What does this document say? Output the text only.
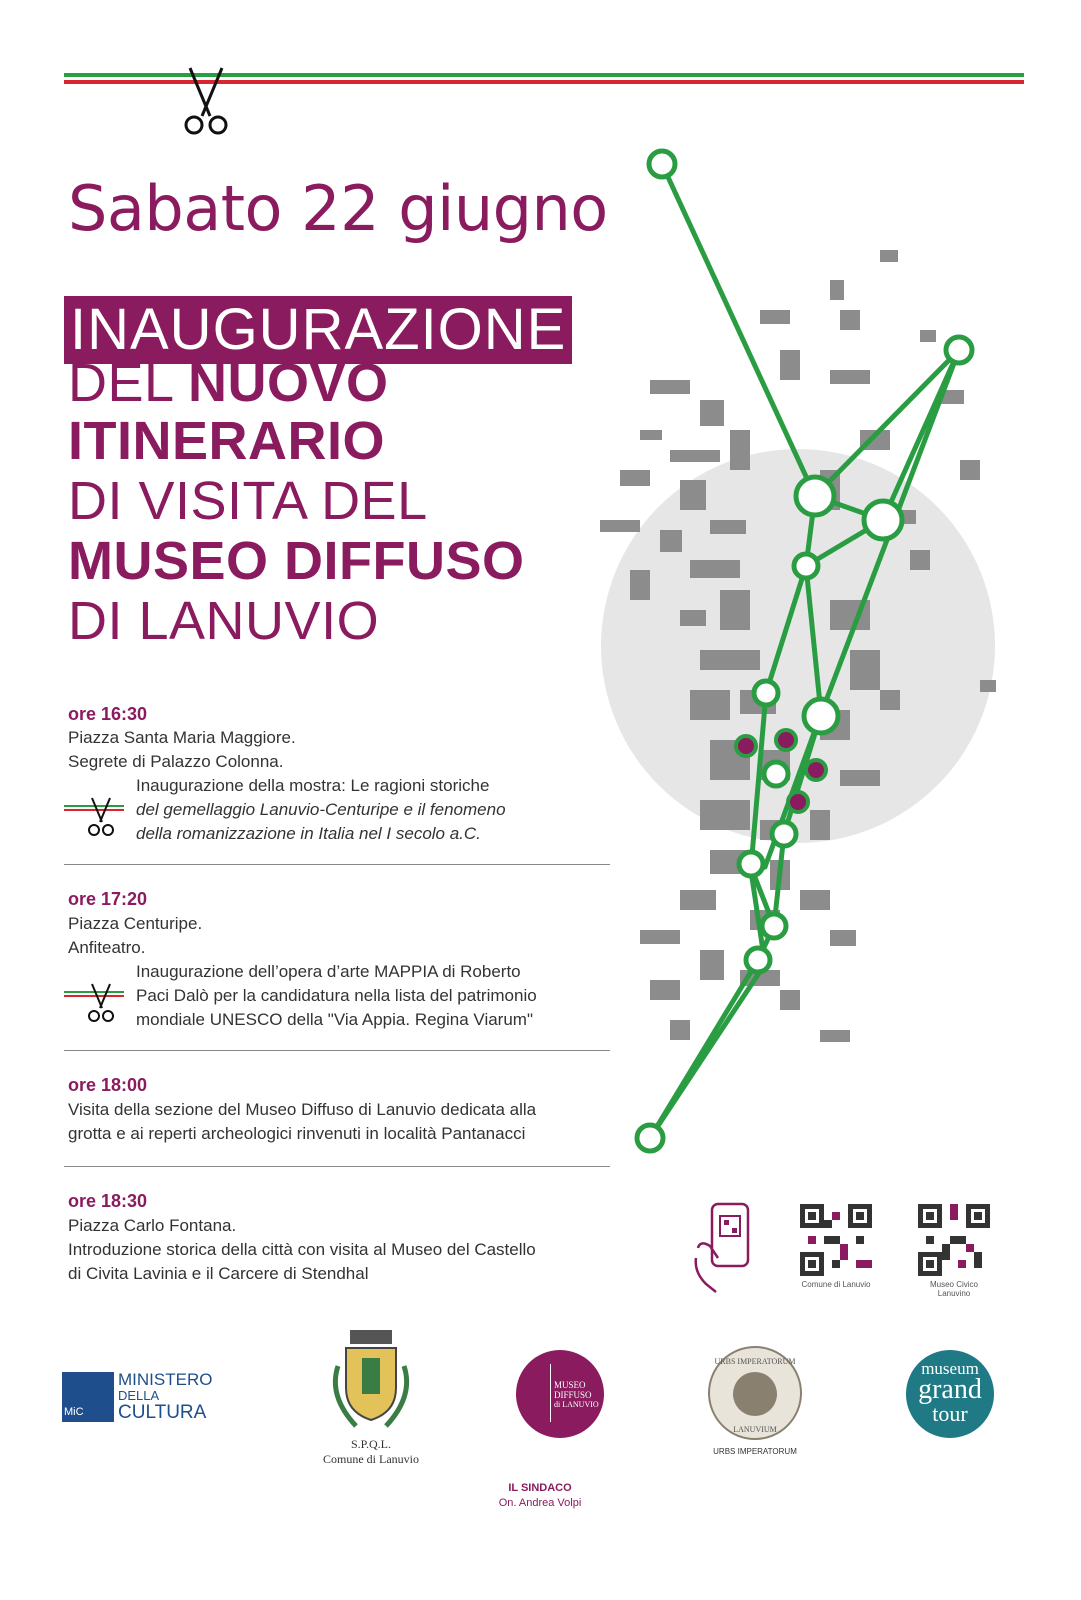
Sabato 22 giugno
INAUGURAZIONE
DEL NUOVO
ITINERARIO
DI VISITA DEL
MUSEO DIFFUSO
DI LANUVIO
ore 16:30
Piazza Santa Maria Maggiore.
Segrete di Palazzo Colonna.
Inaugurazione della mostra: Le ragioni storiche
del gemellaggio Lanuvio-Centuripe e il fenomeno
della romanizzazione in Italia nel I secolo a.C.
ore 17:20
Piazza Centuripe.
Anfiteatro.
Inaugurazione dell’opera d’arte MAPPIA di Roberto
Paci Dalò per la candidatura nella lista del patrimonio
mondiale UNESCO della "Via Appia. Regina Viarum"
ore 18:00
Visita della sezione del Museo Diffuso di Lanuvio dedicata alla
grotta e ai reperti archeologici rinvenuti in località Pantanacci
ore 18:30
Piazza Carlo Fontana.
Introduzione storica della città con visita al Museo del Castello
di Civita Lavinia e il Carcere di Stendhal
Comune di Lanuvio	Museo Civico Lanuvino
MiC
MINISTERO
DELLA
CULTURA
S.P.Q.L.
Comune di Lanuvio
MUSEO
DIFFUSO
di LANUVIO
URBS IMPERATORUM
LANUVIUM
URBS IMPERATORUM
museum
grand
tour
IL SINDACO
On. Andrea Volpi
